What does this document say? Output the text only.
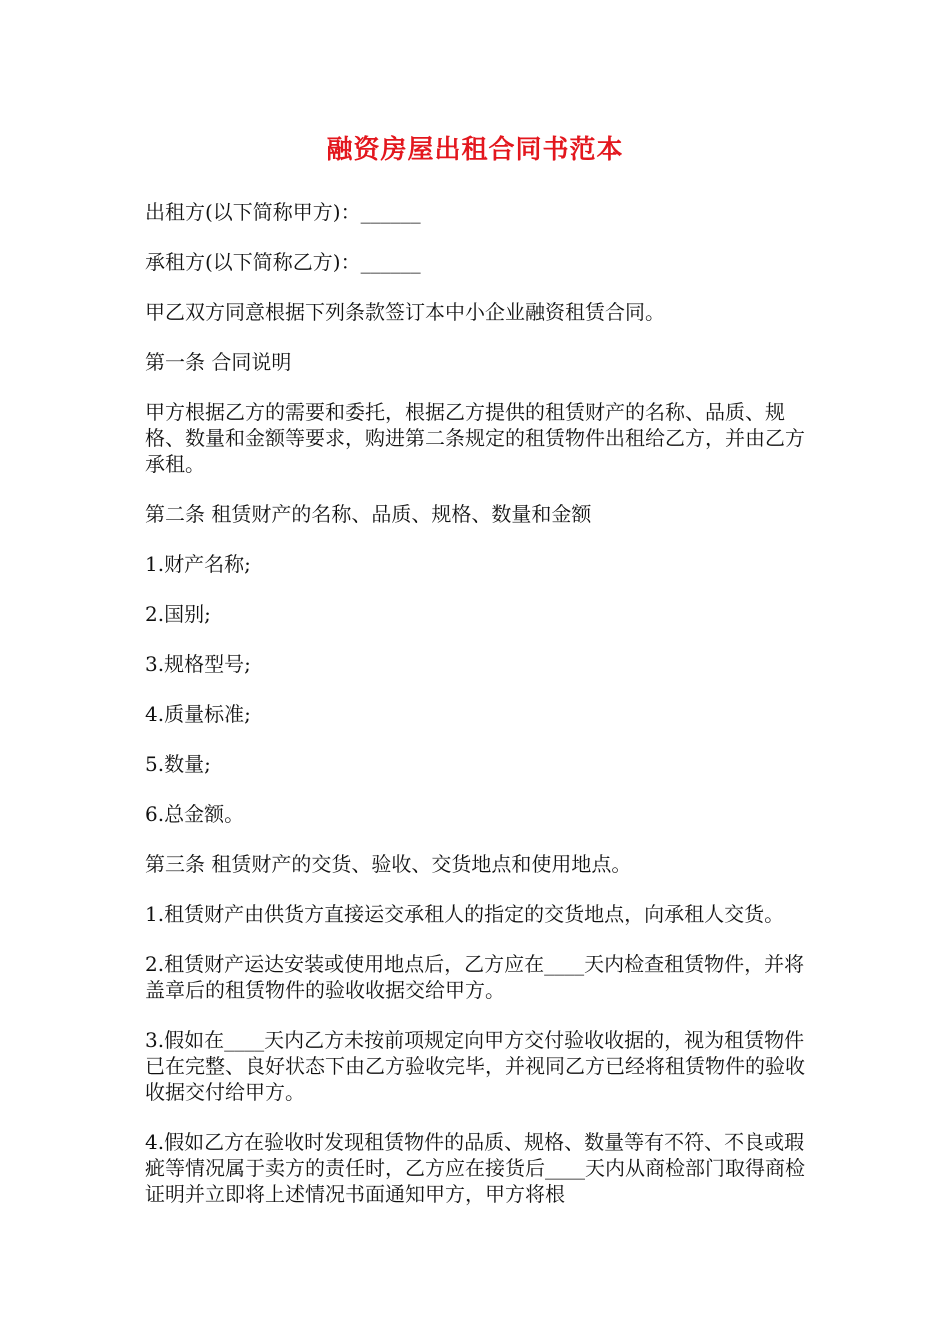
融资房屋出租合同书范本

出租方(以下简称甲方)：______

承租方(以下简称乙方)：______

甲乙双方同意根据下列条款签订本中小企业融资租赁合同。

第一条 合同说明

甲方根据乙方的需要和委托，根据乙方提供的租赁财产的名称、品质、规格、数量和金额等要求，购进第二条规定的租赁物件出租给乙方，并由乙方承租。

第二条 租赁财产的名称、品质、规格、数量和金额

1.财产名称;

2.国别;

3.规格型号;

4.质量标准;

5.数量;

6.总金额。

第三条 租赁财产的交货、验收、交货地点和使用地点。

1.租赁财产由供货方直接运交承租人的指定的交货地点，向承租人交货。

2.租赁财产运达安装或使用地点后，乙方应在____天内检查租赁物件，并将盖章后的租赁物件的验收收据交给甲方。

3.假如在____天内乙方未按前项规定向甲方交付验收收据的，视为租赁物件已在完整、良好状态下由乙方验收完毕，并视同乙方已经将租赁物件的验收收据交付给甲方。

4.假如乙方在验收时发现租赁物件的品质、规格、数量等有不符、不良或瑕疵等情况属于卖方的责任时，乙方应在接货后____天内从商检部门取得商检证明并立即将上述情况书面通知甲方，甲方将根
